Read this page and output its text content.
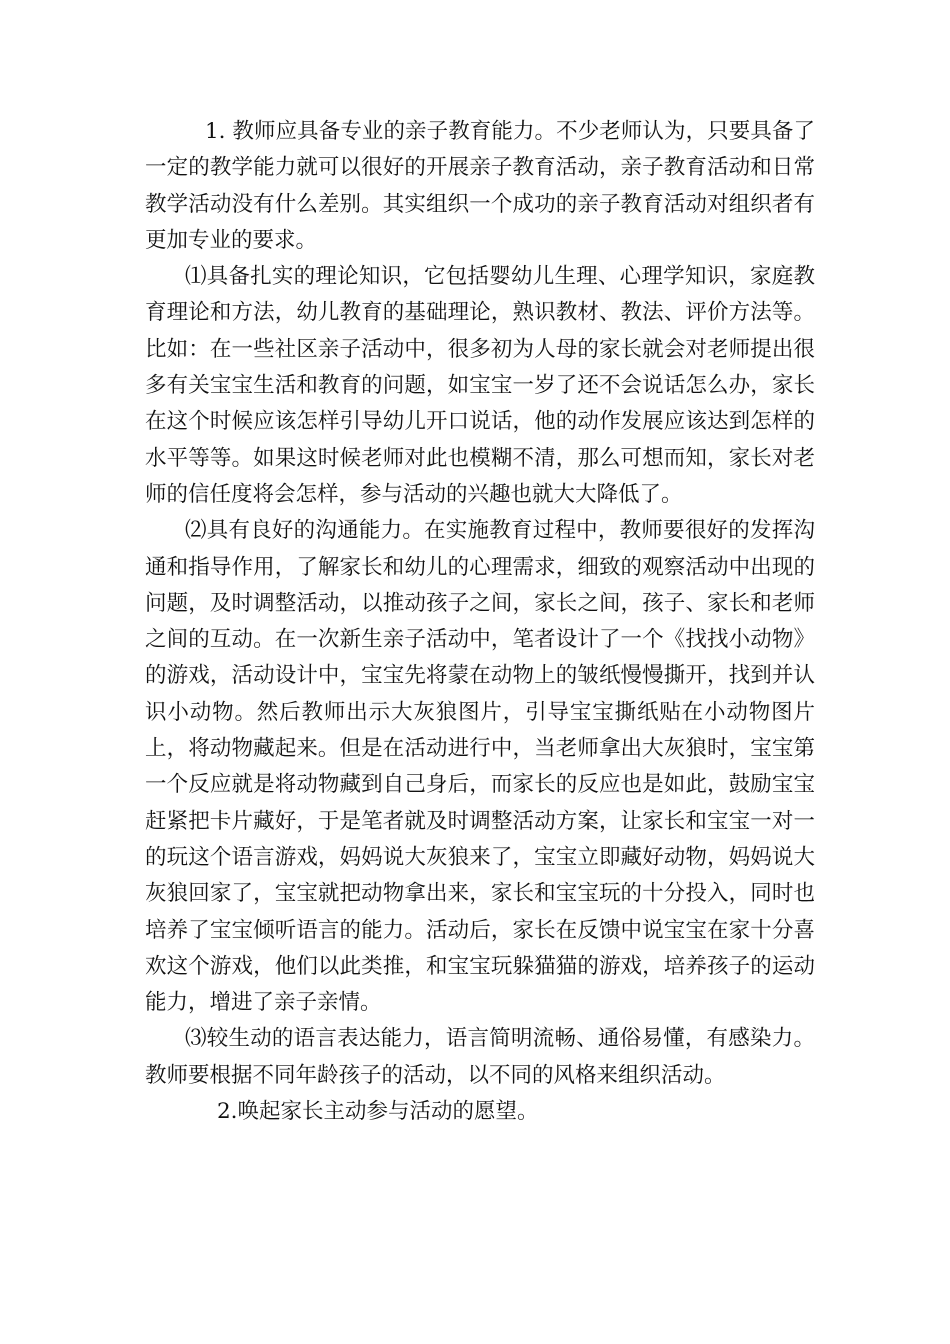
1. 教师应具备专业的亲子教育能力。不少老师认为，只要具备了一定的教学能力就可以很好的开展亲子教育活动，亲子教育活动和日常教学活动没有什么差别。其实组织一个成功的亲子教育活动对组织者有更加专业的要求。

⑴具备扎实的理论知识，它包括婴幼儿生理、心理学知识，家庭教育理论和方法，幼儿教育的基础理论，熟识教材、教法、评价方法等。比如：在一些社区亲子活动中，很多初为人母的家长就会对老师提出很多有关宝宝生活和教育的问题，如宝宝一岁了还不会说话怎么办，家长在这个时候应该怎样引导幼儿开口说话，他的动作发展应该达到怎样的水平等等。如果这时候老师对此也模糊不清，那么可想而知，家长对老师的信任度将会怎样，参与活动的兴趣也就大大降低了。

⑵具有良好的沟通能力。在实施教育过程中，教师要很好的发挥沟通和指导作用，了解家长和幼儿的心理需求，细致的观察活动中出现的问题，及时调整活动，以推动孩子之间，家长之间，孩子、家长和老师之间的互动。在一次新生亲子活动中，笔者设计了一个《找找小动物》的游戏，活动设计中，宝宝先将蒙在动物上的皱纸慢慢撕开，找到并认识小动物。然后教师出示大灰狼图片，引导宝宝撕纸贴在小动物图片上，将动物藏起来。但是在活动进行中，当老师拿出大灰狼时，宝宝第一个反应就是将动物藏到自己身后，而家长的反应也是如此，鼓励宝宝赶紧把卡片藏好，于是笔者就及时调整活动方案，让家长和宝宝一对一的玩这个语言游戏，妈妈说大灰狼来了，宝宝立即藏好动物，妈妈说大灰狼回家了，宝宝就把动物拿出来，家长和宝宝玩的十分投入，同时也培养了宝宝倾听语言的能力。活动后，家长在反馈中说宝宝在家十分喜欢这个游戏，他们以此类推，和宝宝玩躲猫猫的游戏，培养孩子的运动能力，增进了亲子亲情。

⑶较生动的语言表达能力，语言简明流畅、通俗易懂，有感染力。教师要根据不同年龄孩子的活动，以不同的风格来组织活动。

2.唤起家长主动参与活动的愿望。
